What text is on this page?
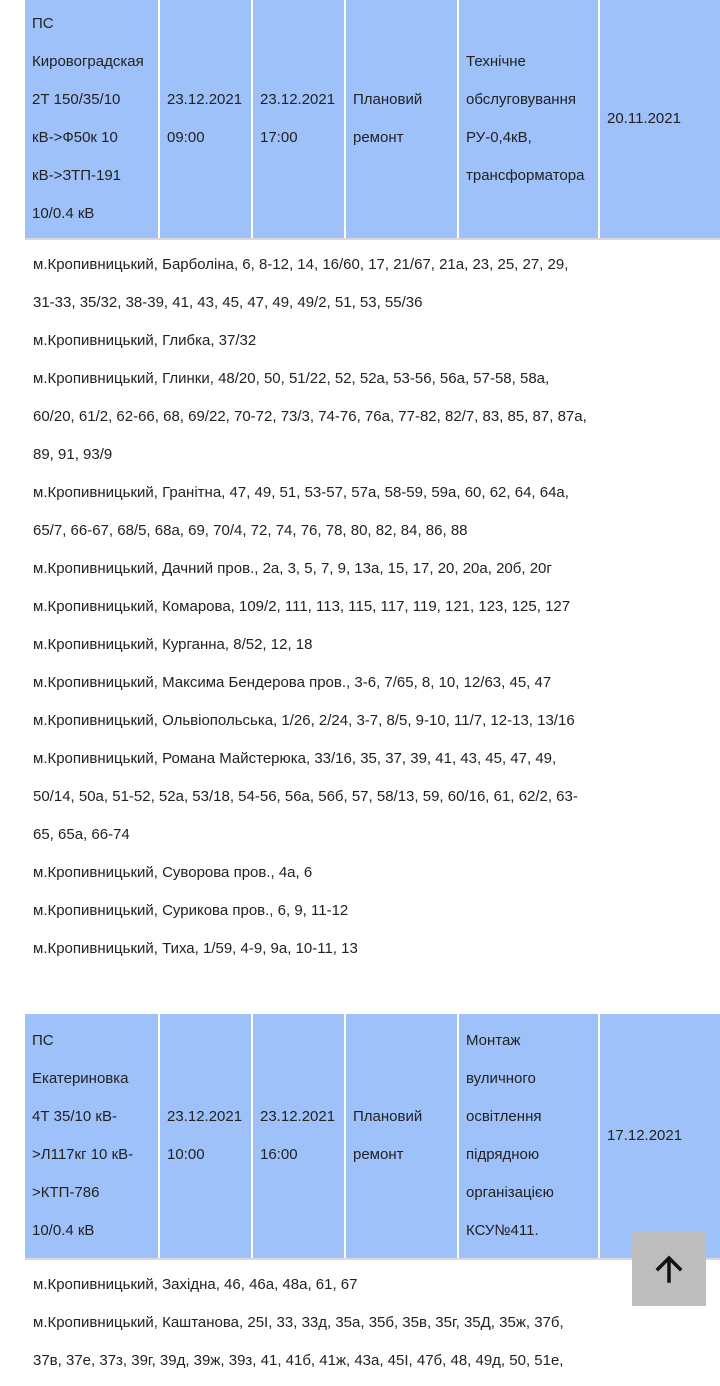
ПС
Кировоградская
2Т 150/35/10
кВ->Ф50к 10
кВ->ЗТП-191
10/0.4 кВ
23.12.2021
09:00
23.12.2021
17:00
Плановий
ремонт
Технічне
обслуговування
РУ-0,4кВ,
трансформатора
20.11.2021
м.Кропивницький, Барболіна, 6, 8-12, 14, 16/60, 17, 21/67, 21а, 23, 25, 27, 29, 31-33, 35/32, 38-39, 41, 43, 45, 47, 49, 49/2, 51, 53, 55/36
м.Кропивницький, Глибка, 37/32
м.Кропивницький, Глинки, 48/20, 50, 51/22, 52, 52а, 53-56, 56а, 57-58, 58а, 60/20, 61/2, 62-66, 68, 69/22, 70-72, 73/3, 74-76, 76а, 77-82, 82/7, 83, 85, 87, 87а, 89, 91, 93/9
м.Кропивницький, Гранітна, 47, 49, 51, 53-57, 57а, 58-59, 59а, 60, 62, 64, 64а, 65/7, 66-67, 68/5, 68а, 69, 70/4, 72, 74, 76, 78, 80, 82, 84, 86, 88
м.Кропивницький, Дачний пров., 2а, 3, 5, 7, 9, 13а, 15, 17, 20, 20а, 20б, 20г
м.Кропивницький, Комарова, 109/2, 111, 113, 115, 117, 119, 121, 123, 125, 127
м.Кропивницький, Курганна, 8/52, 12, 18
м.Кропивницький, Максима Бендерова пров., 3-6, 7/65, 8, 10, 12/63, 45, 47
м.Кропивницький, Ольвіопольська, 1/26, 2/24, 3-7, 8/5, 9-10, 11/7, 12-13, 13/16
м.Кропивницький, Романа Майстерюка, 33/16, 35, 37, 39, 41, 43, 45, 47, 49, 50/14, 50а, 51-52, 52а, 53/18, 54-56, 56а, 56б, 57, 58/13, 59, 60/16, 61, 62/2, 63-65, 65а, 66-74
м.Кропивницький, Суворова пров., 4а, 6
м.Кропивницький, Сурикова пров., 6, 9, 11-12
м.Кропивницький, Тиха, 1/59, 4-9, 9а, 10-11, 13
ПС
Екатериновка
4Т 35/10 кВ-
>Л117кг 10 кВ-
>КТП-786
10/0.4 кВ
23.12.2021
10:00
23.12.2021
16:00
Плановий
ремонт
Монтаж
вуличного
освітлення
підрядною
організацією
КСУ№411.
17.12.2021
м.Кропивницький, Західна, 46, 46а, 48а, 61, 67
м.Кропивницький, Каштанова, 25І, 33, 33д, 35а, 35б, 35в, 35г, 35Д, 35ж, 37б, 37в, 37е, 37з, 39г, 39д, 39ж, 39з, 41, 41б, 41ж, 43а, 45І, 47б, 48, 49д, 50, 51е,
